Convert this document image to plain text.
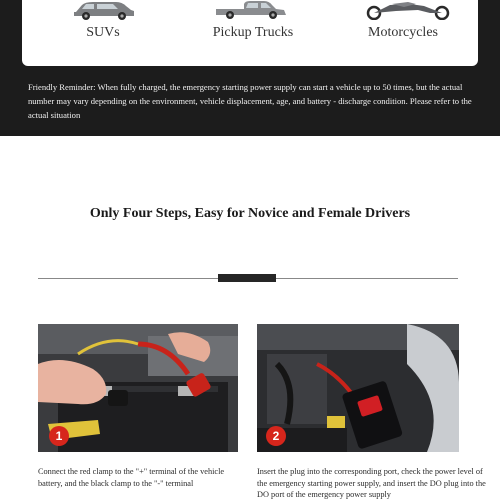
SUVs	Pickup Trucks	Motorcycles
Friendly Reminder: When fully charged, the emergency starting power supply can start a vehicle up to 50 times, but the actual number may vary depending on the environment, vehicle displacement, age, and battery - discharge condition. Please refer to the actual situation
Only Four Steps, Easy for Novice and Female Drivers
1	2
Connect the red clamp to the "+" terminal of the vehicle battery, and the black clamp to the "-" terminal
Insert the plug into the corresponding port, check the power level of the emergency starting power supply, and insert the DO plug into the DO port of the emergency power supply
